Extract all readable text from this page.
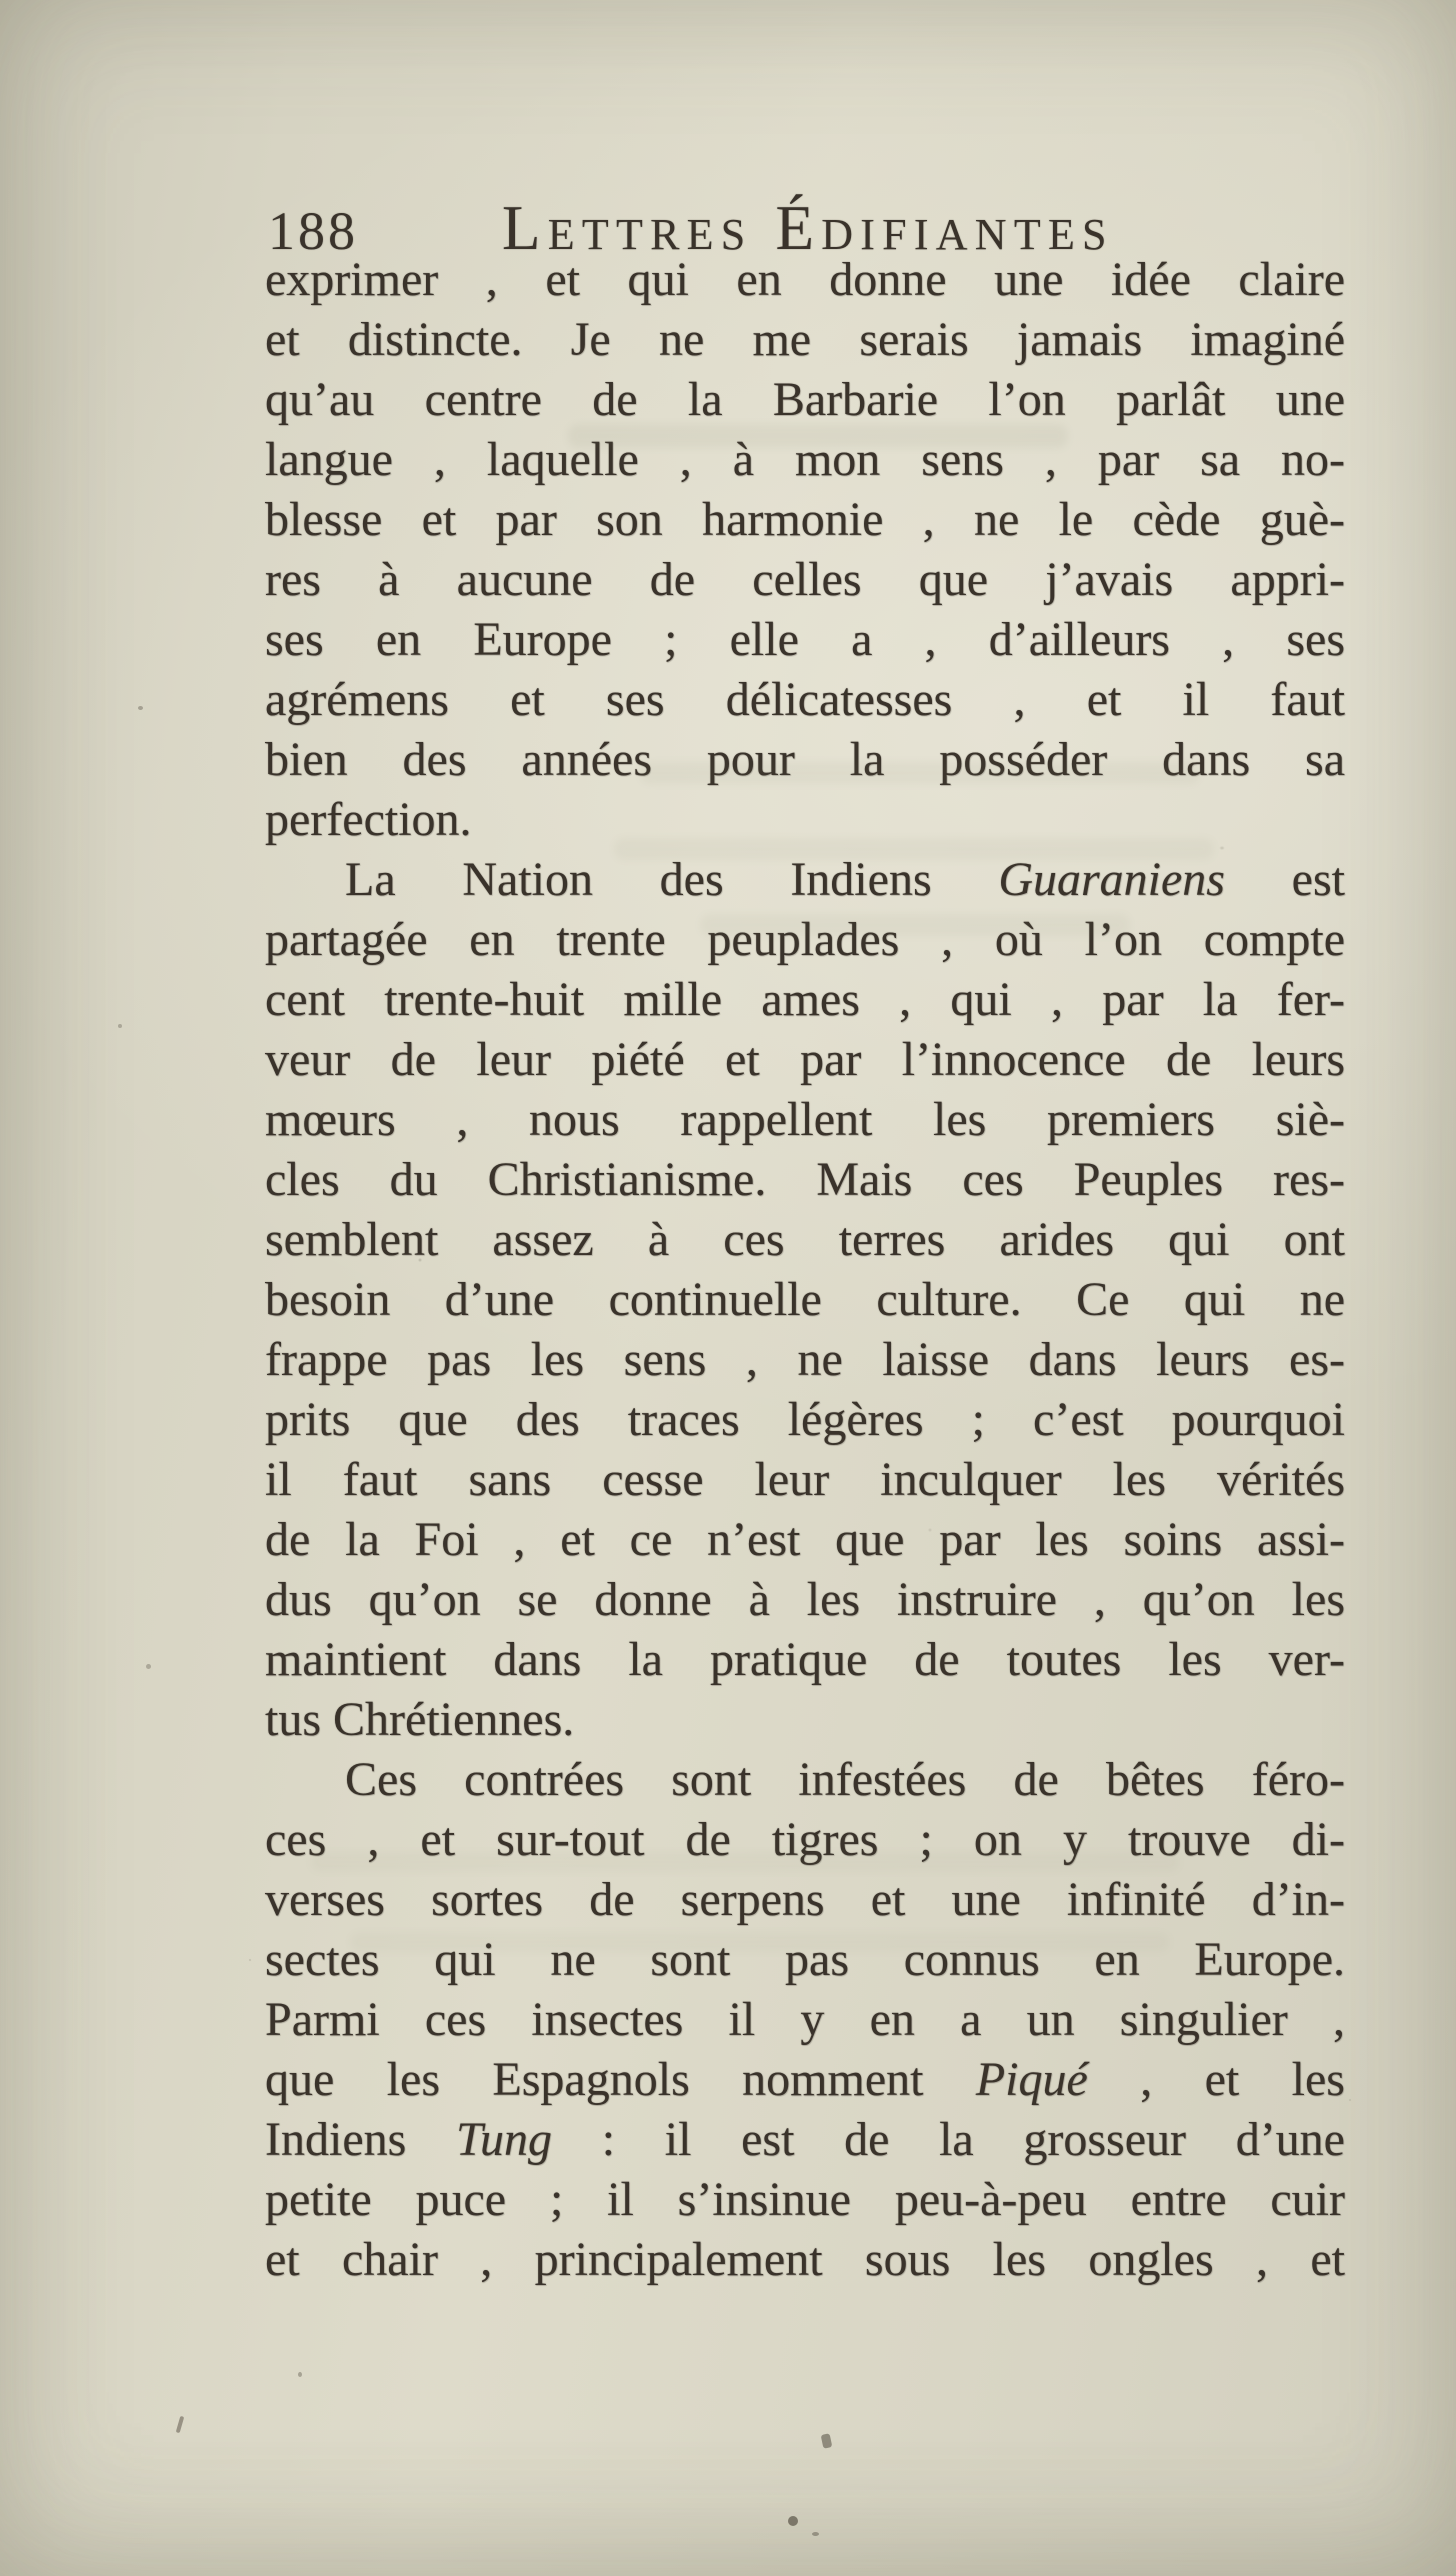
188 Lettres Édifiantes
exprimer , et qui en donne une idée claire
et distincte. Je ne me serais jamais imaginé
qu’au centre de la Barbarie l’on parlât une
langue , laquelle , à mon sens , par sa no-
blesse et par son harmonie , ne le cède guè-
res à aucune de celles que j’avais appri-
ses en Europe ; elle a , d’ailleurs , ses
agrémens et ses délicatesses , et il faut
bien des années pour la posséder dans sa
perfection.
La Nation des Indiens Guaraniens est
partagée en trente peuplades , où l’on compte
cent trente-huit mille ames , qui , par la fer-
veur de leur piété et par l’innocence de leurs
mœurs , nous rappellent les premiers siè-
cles du Christianisme. Mais ces Peuples res-
semblent assez à ces terres arides qui ont
besoin d’une continuelle culture. Ce qui ne
frappe pas les sens , ne laisse dans leurs es-
prits que des traces légères ; c’est pourquoi
il faut sans cesse leur inculquer les vérités
de la Foi , et ce n’est que par les soins assi-
dus qu’on se donne à les instruire , qu’on les
maintient dans la pratique de toutes les ver-
tus Chrétiennes.
Ces contrées sont infestées de bêtes féro-
ces , et sur-tout de tigres ; on y trouve di-
verses sortes de serpens et une infinité d’in-
sectes qui ne sont pas connus en Europe.
Parmi ces insectes il y en a un singulier ,
que les Espagnols nomment Piqué , et les
Indiens Tung : il est de la grosseur d’une
petite puce ; il s’insinue peu-à-peu entre cuir
et chair , principalement sous les ongles , et
